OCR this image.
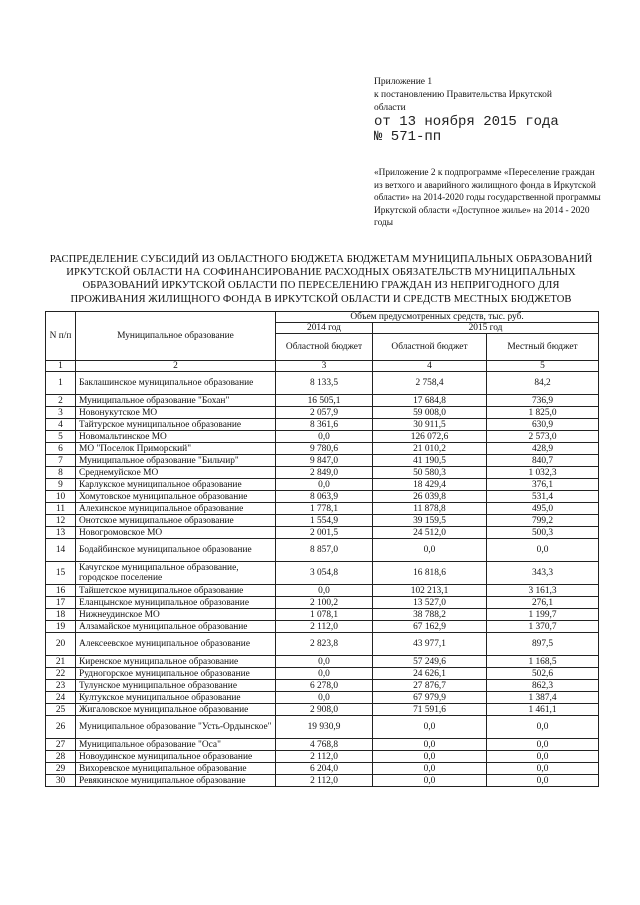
Приложение 1
к постановлению Правительства Иркутской
области
от 13 ноября 2015 года
№ 571-пп
«Приложение 2 к подпрограмме «Переселение граждан из ветхого и аварийного жилищного фонда в Иркутской области» на 2014-2020 годы государственной программы Иркутской области «Доступное жилье» на 2014 - 2020 годы
РАСПРЕДЕЛЕНИЕ СУБСИДИЙ ИЗ ОБЛАСТНОГО БЮДЖЕТА БЮДЖЕТАМ МУНИЦИПАЛЬНЫХ ОБРАЗОВАНИЙ ИРКУТСКОЙ ОБЛАСТИ НА СОФИНАНСИРОВАНИЕ РАСХОДНЫХ ОБЯЗАТЕЛЬСТВ МУНИЦИПАЛЬНЫХ ОБРАЗОВАНИЙ ИРКУТСКОЙ ОБЛАСТИ ПО ПЕРЕСЕЛЕНИЮ ГРАЖДАН ИЗ НЕПРИГОДНОГО ДЛЯ ПРОЖИВАНИЯ ЖИЛИЩНОГО ФОНДА В ИРКУТСКОЙ ОБЛАСТИ И СРЕДСТВ МЕСТНЫХ БЮДЖЕТОВ
N п/п	Муниципальное образование	Объем предусмотренных средств, тыс. руб.		
		2014 год	2015 год	
		Областной бюджет	Областной бюджет	Местный бюджет
1	2	3	4	5
1	Баклашинское муниципальное образование	8 133,5	2 758,4	84,2
2	Муниципальное образование "Бохан"	16 505,1	17 684,8	736,9
3	Новонукутское МО	2 057,9	59 008,0	1 825,0
4	Тайтурское муниципальное образование	8 361,6	30 911,5	630,9
5	Новомальтинское МО	0,0	126 072,6	2 573,0
6	МО "Поселок Приморский"	9 780,6	21 010,2	428,9
7	Муниципальное образование "Бильчир"	9 847,0	41 190,5	840,7
8	Среднемуйское МО	2 849,0	50 580,3	1 032,3
9	Карлукское муниципальное образование	0,0	18 429,4	376,1
10	Хомутовское муниципальное образование	8 063,9	26 039,8	531,4
11	Алехинское муниципальное образование	1 778,1	11 878,8	495,0
12	Онотское муниципальное образование	1 554,9	39 159,5	799,2
13	Новогромовское МО	2 001,5	24 512,0	500,3
14	Бодайбинское муниципальное образование	8 857,0	0,0	0,0
15	Качугское муниципальное образование, городское поселение	3 054,8	16 818,6	343,3
16	Тайшетское муниципальное образование	0,0	102 213,1	3 161,3
17	Еланцынское муниципальное образование	2 100,2	13 527,0	276,1
18	Нижнеудинское МО	1 078,1	38 788,2	1 199,7
19	Алзамайское муниципальное образование	2 112,0	67 162,9	1 370,7
20	Алексеевское муниципальное образование	2 823,8	43 977,1	897,5
21	Киренское муниципальное образование	0,0	57 249,6	1 168,5
22	Рудногорское муниципальное образование	0,0	24 626,1	502,6
23	Тулунское муниципальное образование	6 278,0	27 876,7	862,3
24	Култукское муниципальное образование	0,0	67 979,9	1 387,4
25	Жигаловское муниципальное образование	2 908,0	71 591,6	1 461,1
26	Муниципальное образование "Усть-Ордынское"	19 930,9	0,0	0,0
27	Муниципальное образование "Оса"	4 768,8	0,0	0,0
28	Новоудинское муниципальное образование	2 112,0	0,0	0,0
29	Вихоревское муниципальное образование	6 204,0	0,0	0,0
30	Ревякинское муниципальное образование	2 112,0	0,0	0,0
